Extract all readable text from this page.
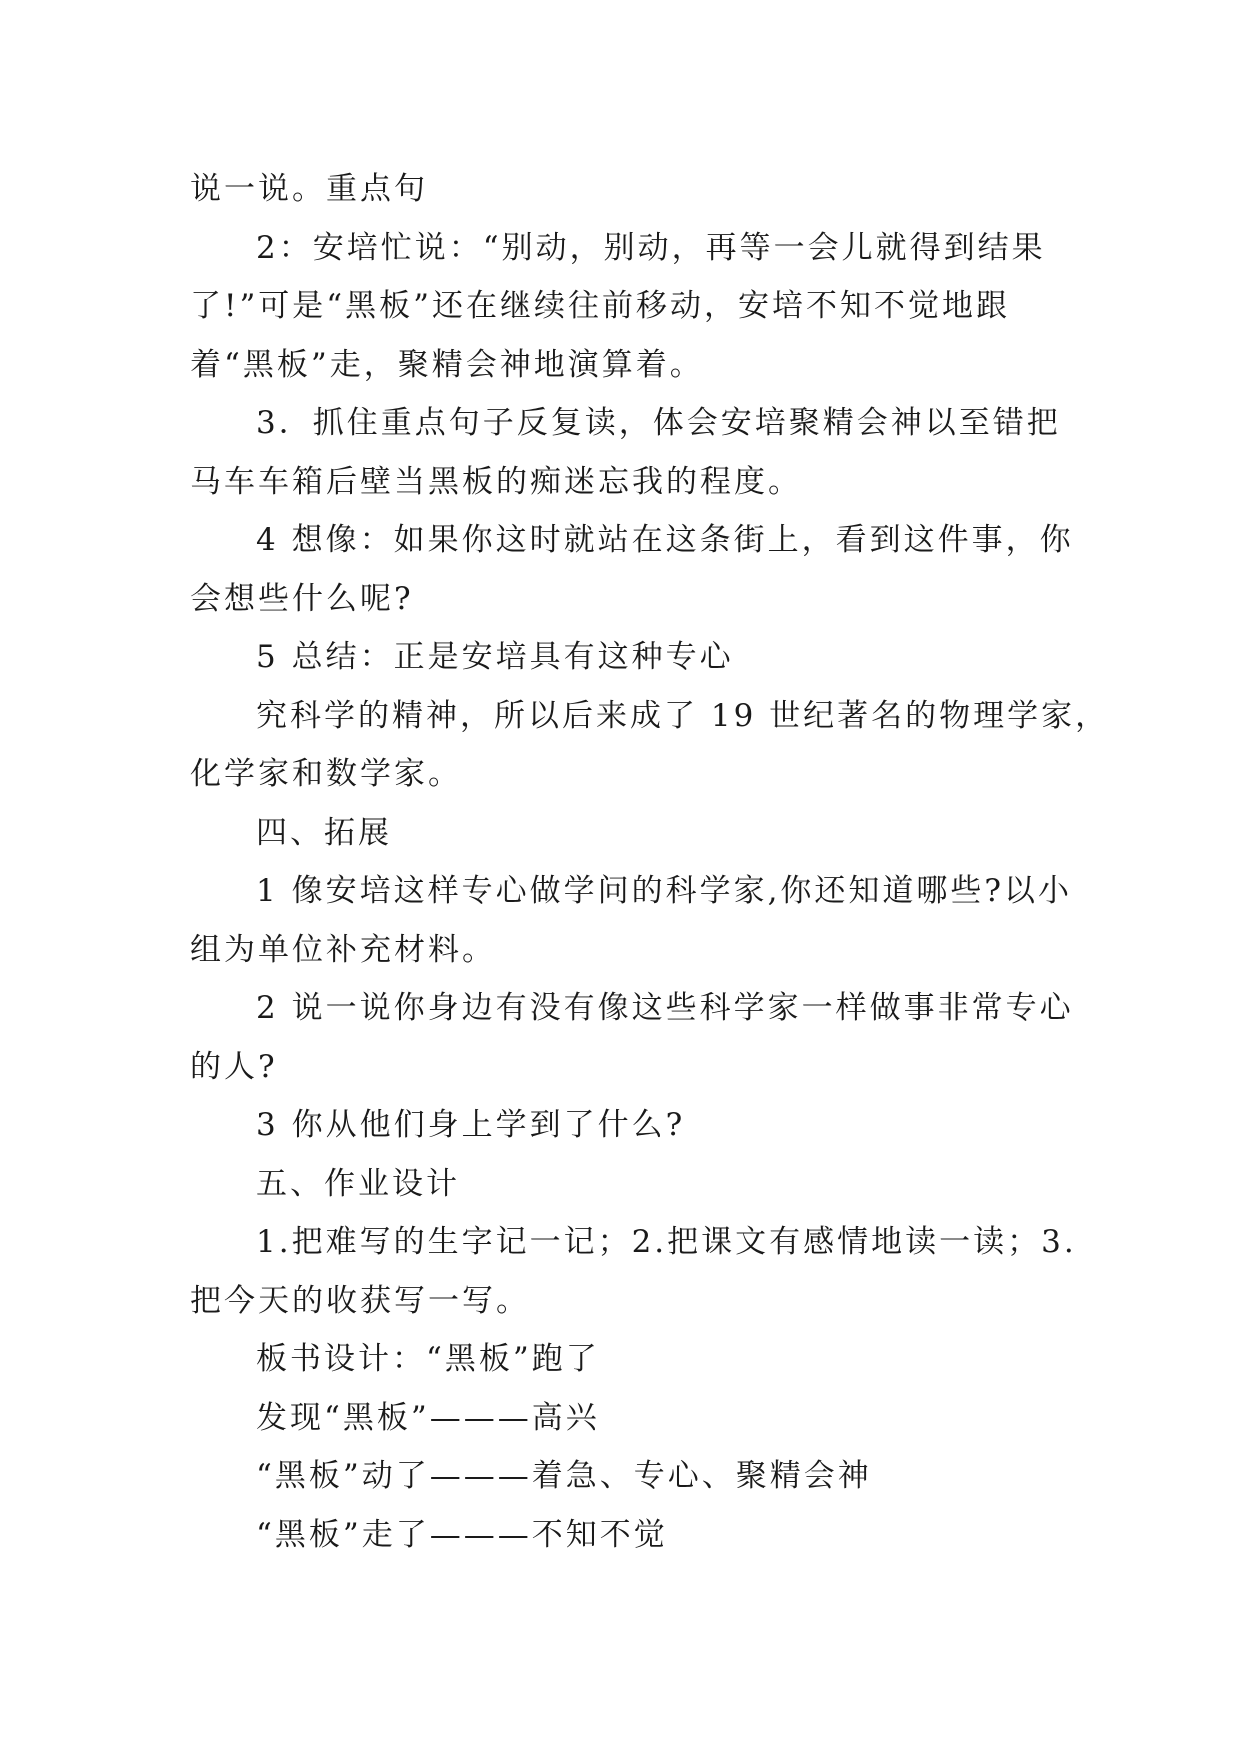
说一说。重点句
2：安培忙说：“别动，别动，再等一会儿就得到结果
了!”可是“黑板”还在继续往前移动，安培不知不觉地跟
着“黑板”走，聚精会神地演算着。
3．抓住重点句子反复读，体会安培聚精会神以至错把
马车车箱后壁当黑板的痴迷忘我的程度。
4 想像：如果你这时就站在这条街上，看到这件事，你
会想些什么呢?
5 总结：正是安培具有这种专心
究科学的精神，所以后来成了 19 世纪著名的物理学家，
化学家和数学家。
四、拓展
1 像安培这样专心做学问的科学家,你还知道哪些?以小
组为单位补充材料。
2 说一说你身边有没有像这些科学家一样做事非常专心
的人?
3 你从他们身上学到了什么?
五、作业设计
1.把难写的生字记一记；2.把课文有感情地读一读；3.
把今天的收获写一写。
板书设计：“黑板”跑了
发现“黑板”———高兴
“黑板”动了———着急、专心、聚精会神
“黑板”走了———不知不觉
